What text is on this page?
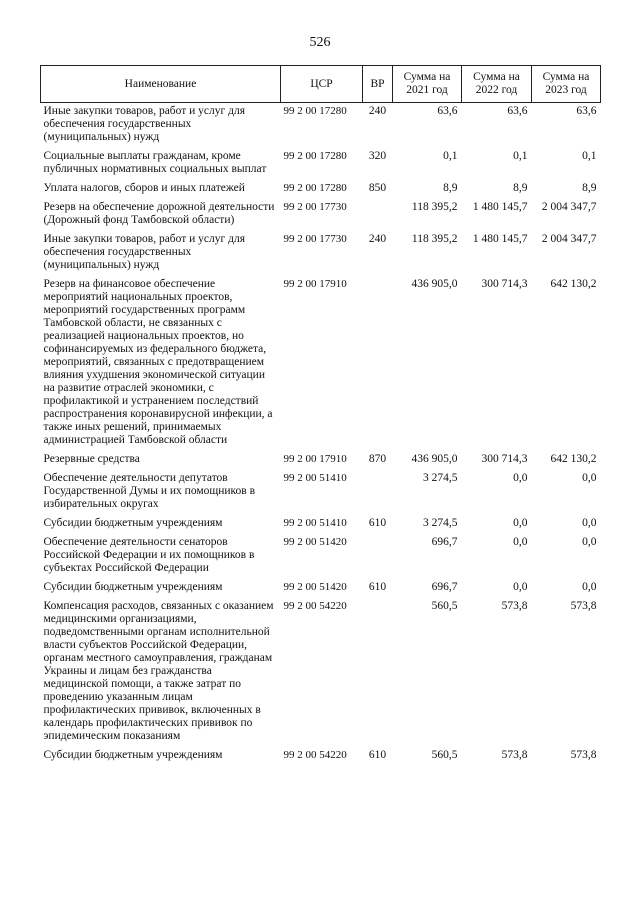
526
Наименование	ЦСР	ВР	Сумма на 2021 год	Сумма на 2022 год	Сумма на 2023 год
Иные закупки товаров, работ и услуг для обеспечения государственных (муниципальных) нужд	99 2 00 17280	240	63,6	63,6	63,6
Социальные выплаты гражданам, кроме публичных нормативных социальных выплат	99 2 00 17280	320	0,1	0,1	0,1
Уплата налогов, сборов и иных платежей	99 2 00 17280	850	8,9	8,9	8,9
Резерв на обеспечение дорожной деятельности (Дорожный фонд Тамбовской области)	99 2 00 17730		118 395,2	1 480 145,7	2 004 347,7
Иные закупки товаров, работ и услуг для обеспечения государственных (муниципальных) нужд	99 2 00 17730	240	118 395,2	1 480 145,7	2 004 347,7
Резерв на финансовое обеспечение мероприятий национальных проектов, мероприятий государственных программ Тамбовской области, не связанных с реализацией национальных проектов, но софинансируемых из федерального бюджета, мероприятий, связанных с предотвращением влияния ухудшения экономической ситуации на развитие отраслей экономики, с профилактикой и устранением последствий распространения коронавирусной инфекции, а также иных решений, принимаемых администрацией Тамбовской области	99 2 00 17910		436 905,0	300 714,3	642 130,2
Резервные средства	99 2 00 17910	870	436 905,0	300 714,3	642 130,2
Обеспечение деятельности депутатов Государственной Думы и их помощников в избирательных округах	99 2 00 51410		3 274,5	0,0	0,0
Субсидии бюджетным учреждениям	99 2 00 51410	610	3 274,5	0,0	0,0
Обеспечение деятельности сенаторов Российской Федерации и их помощников в субъектах Российской Федерации	99 2 00 51420		696,7	0,0	0,0
Субсидии бюджетным учреждениям	99 2 00 51420	610	696,7	0,0	0,0
Компенсация расходов, связанных с оказанием медицинскими организациями, подведомственными органам исполнительной власти субъектов Российской Федерации, органам местного самоуправления, гражданам Украины и лицам без гражданства медицинской помощи, а также затрат по проведению указанным лицам профилактических прививок, включенных в календарь профилактических прививок по эпидемическим показаниям	99 2 00 54220		560,5	573,8	573,8
Субсидии бюджетным учреждениям	99 2 00 54220	610	560,5	573,8	573,8
